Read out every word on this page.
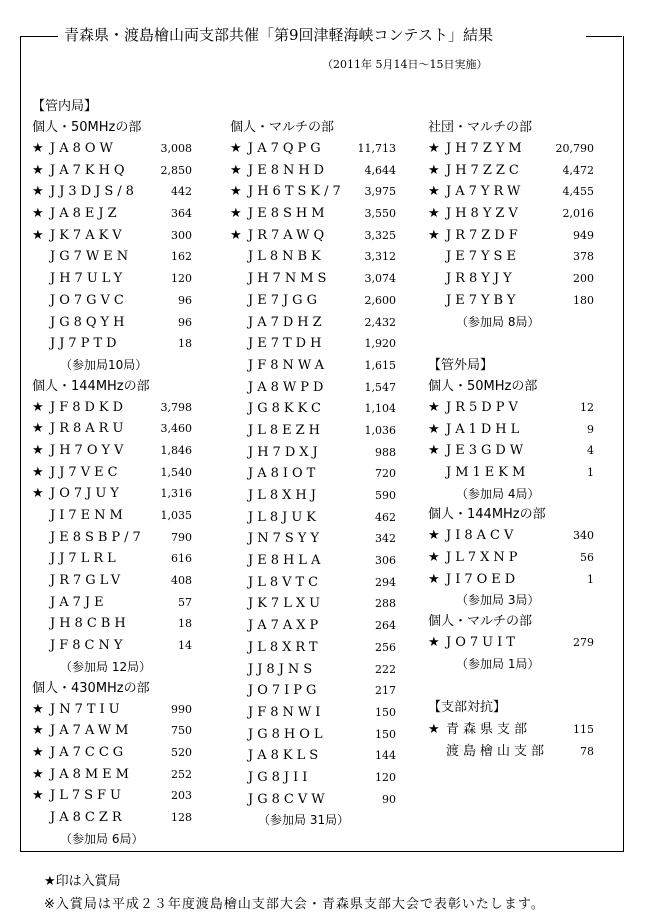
青森県・渡島檜山両支部共催「第9回津軽海峡コンテスト」結果
（2011年 5月14日～15日実施）
【管内局】
個人・50MHzの部
★ JA8OW	3,008
★ JA7KHQ	2,850
★ JJ3DJS/8	442
★ JA8EJZ	364
★ JK7AKV	300
JG7WEN	162
JH7ULY	120
JO7GVC	96
JG8QYH	96
JJ7PTD	18
（参加局10局）
個人・144MHzの部
★ JF8DKD	3,798
★ JR8ARU	3,460
★ JH7OYV	1,846
★ JJ7VEC	1,540
★ JO7JUY	1,316
JI7ENM	1,035
JE8SBP/7 790
JJ7LRL	616
JR7GLV	408
JA7JE	57
JH8CBH	18
JF8CNY	14
（参加局 12局）
個人・430MHzの部
★ JN7TIU	990
★ JA7AWM	750
★ JA7CCG	520
★ JA8MEM	252
★ JL7SFU	203
JA8CZR	128
（参加局 6局）
個人・マルチの部
★ JA7QPG	11,713
★ JE8NHD	4,644
★ JH6TSK/7 3,975
★ JE8SHM	3,550
★ JR7AWQ	3,325
JL8NBK	3,312
JH7NMS	3,074
JE7JGG	2,600
JA7DHZ	2,432
JE7TDH	1,920
JF8NWA	1,615
JA8WPD	1,547
JG8KKC	1,104
JL8EZH	1,036
JH7DXJ	988
JA8IOT	720
JL8XHJ	590
JL8JUK	462
JN7SYY	342
JE8HLA	306
JL8VTC	294
JK7LXU	288
JA7AXP	264
JL8XRT	256
JJ8JNS	222
JO7IPG	217
JF8NWI	150
JG8HOL	150
JA8KLS	144
JG8JII	120
JG8CVW	90
（参加局 31局）
社団・マルチの部
★ JH7ZYM	20,790
★ JH7ZZC	4,472
★ JA7YRW	4,455
★ JH8YZV	2,016
★ JR7ZDF	949
JE7YSE	378
JR8YJY	200
JE7YBY	180
（参加局 8局）
【管外局】
個人・50MHzの部
★ JR5DPV	12
★ JA1DHL	9
★ JE3GDW	4
JM1EKM	1
（参加局 4局）
個人・144MHzの部
★ JI8ACV	340
★ JL7XNP	56
★ JI7OED	1
（参加局 3局）
個人・マルチの部
★ JO7UIT	279
（参加局 1局）
【支部対抗】
★ 青森県支部	115
渡島檜山支部	78
★印は入賞局
※入賞局は平成２３年度渡島檜山支部大会・青森県支部大会で表彰いたします。
